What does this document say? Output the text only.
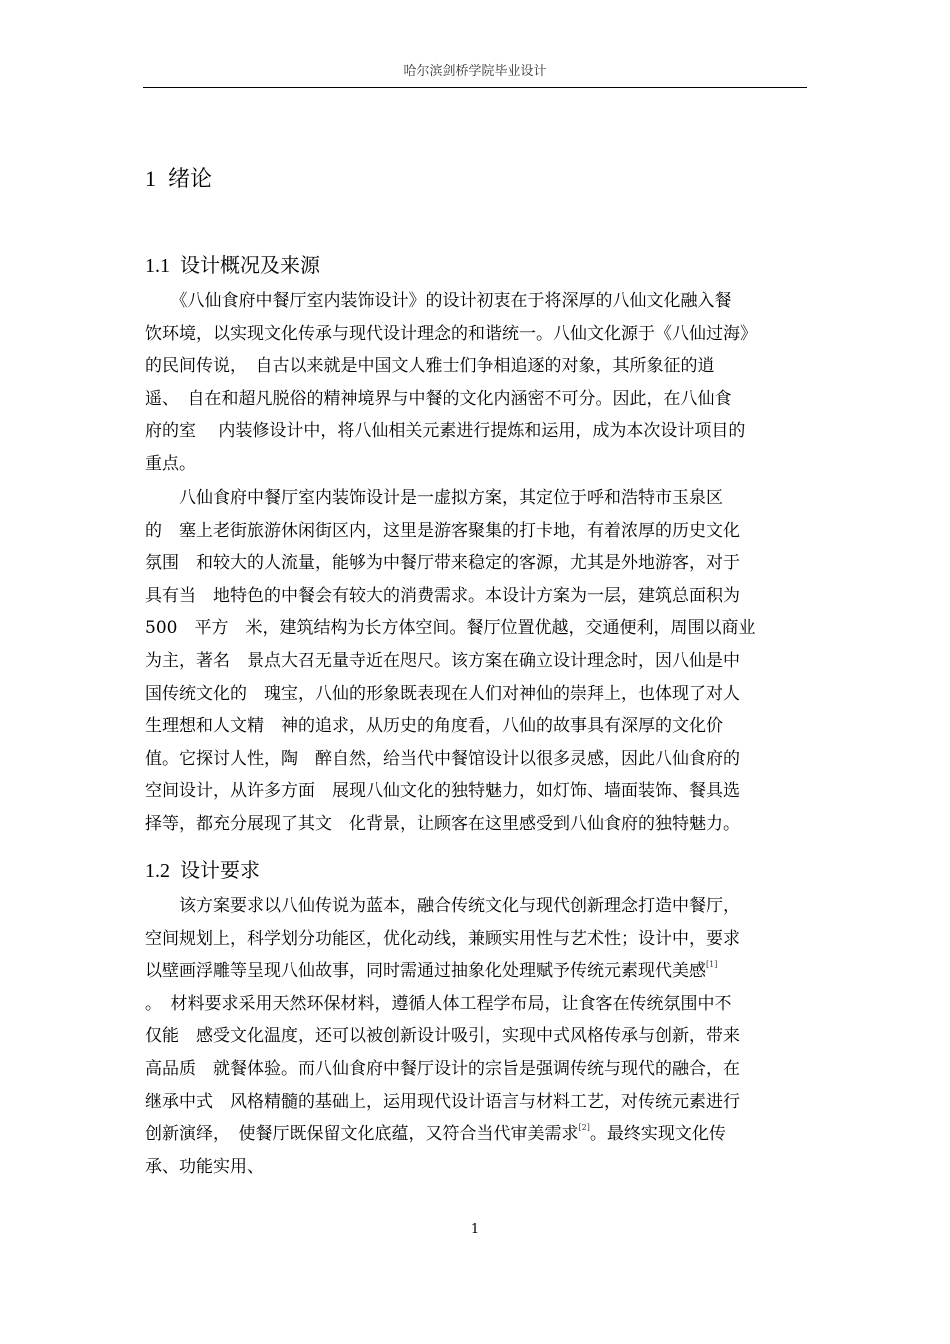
哈尔滨剑桥学院毕业设计
1 绪论
1.1 设计概况及来源
　　《八仙食府中餐厅室内装饰设计》的设计初衷在于将深厚的八仙文化融入餐
饮环境，以实现文化传承与现代设计理念的和谐统一。八仙文化源于《八仙过海》
的民间传说，　自古以来就是中国文人雅士们争相追逐的对象，其所象征的逍
遥、　自在和超凡脱俗的精神境界与中餐的文化内涵密不可分。因此，在八仙食
府的室　 内装修设计中，将八仙相关元素进行提炼和运用，成为本次设计项目的
重点。
　　八仙食府中餐厅室内装饰设计是一虚拟方案，其定位于呼和浩特市玉泉区
的　塞上老街旅游休闲街区内，这里是游客聚集的打卡地，有着浓厚的历史文化
氛围　和较大的人流量，能够为中餐厅带来稳定的客源，尤其是外地游客，对于
具有当　地特色的中餐会有较大的消费需求。本设计方案为一层，建筑总面积为
500　平方　米，建筑结构为长方体空间。餐厅位置优越，交通便利，周围以商业
为主，著名　景点大召无量寺近在咫尺。该方案在确立设计理念时，因八仙是中
国传统文化的　瑰宝，八仙的形象既表现在人们对神仙的崇拜上，也体现了对人
生理想和人文精　神的追求，从历史的角度看，八仙的故事具有深厚的文化价
值。它探讨人性，陶　醉自然，给当代中餐馆设计以很多灵感，因此八仙食府的
空间设计，从许多方面　展现八仙文化的独特魅力，如灯饰、墙面装饰、餐具选
择等，都充分展现了其文　化背景，让顾客在这里感受到八仙食府的独特魅力。
1.2 设计要求
　　该方案要求以八仙传说为蓝本，融合传统文化与现代创新理念打造中餐厅，
空间规划上，科学划分功能区，优化动线，兼顾实用性与艺术性；设计中，要求
以壁画浮雕等呈现八仙故事，同时需通过抽象化处理赋予传统元素现代美感[1]
。　材料要求采用天然环保材料，遵循人体工程学布局，让食客在传统氛围中不
仅能　感受文化温度，还可以被创新设计吸引，实现中式风格传承与创新，带来
高品质　就餐体验。而八仙食府中餐厅设计的宗旨是强调传统与现代的融合，在
继承中式　风格精髓的基础上，运用现代设计语言与材料工艺，对传统元素进行
创新演绎，　使餐厅既保留文化底蕴，又符合当代审美需求[2]。最终实现文化传
承、功能实用、
1
